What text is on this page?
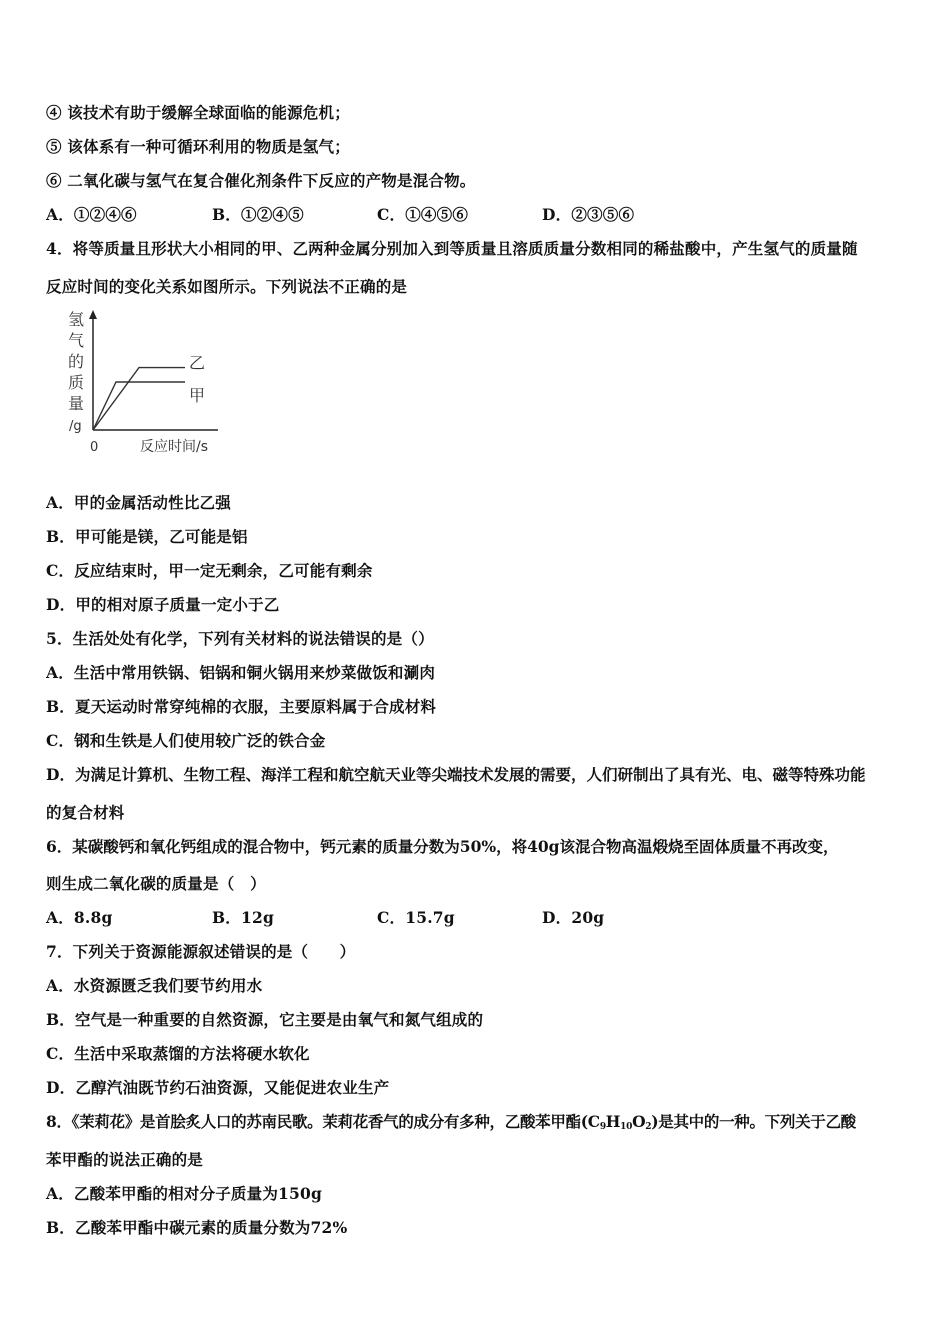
④ 该技术有助于缓解全球面临的能源危机；
⑤ 该体系有一种可循环利用的物质是氢气；
⑥ 二氧化碳与氢气在复合催化剂条件下反应的产物是混合物。
A．①②④⑥	B．①②④⑤	C．①④⑤⑥	D．②③⑤⑥
4．将等质量且形状大小相同的甲、乙两种金属分别加入到等质量且溶质质量分数相同的稀盐酸中，产生氢气的质量随
反应时间的变化关系如图所示。下列说法不正确的是
氢
气
的
质
量
/g
0	反应时间/s
甲
乙
A．甲的金属活动性比乙强
B．甲可能是镁，乙可能是铝
C．反应结束时，甲一定无剩余，乙可能有剩余
D．甲的相对原子质量一定小于乙
5．生活处处有化学，下列有关材料的说法错误的是（）
A．生活中常用铁锅、铝锅和铜火锅用来炒菜做饭和涮肉
B．夏天运动时常穿纯棉的衣服，主要原料属于合成材料
C．钢和生铁是人们使用较广泛的铁合金
D．为满足计算机、生物工程、海洋工程和航空航天业等尖端技术发展的需要，人们研制出了具有光、电、磁等特殊功能
的复合材料
6．某碳酸钙和氧化钙组成的混合物中，钙元素的质量分数为50%，将40g该混合物高温煅烧至固体质量不再改变，
则生成二氧化碳的质量是（　）
A．8.8g	B．12g	C．15.7g	D．20g
7．下列关于资源能源叙述错误的是（　　）
A．水资源匮乏我们要节约用水
B．空气是一种重要的自然资源，它主要是由氧气和氮气组成的
C．生活中采取蒸馏的方法将硬水软化
D．乙醇汽油既节约石油资源，又能促进农业生产
8．《茉莉花》是首脍炙人口的苏南民歌。茉莉花香气的成分有多种，乙酸苯甲酯$(C_9H_{10}O_2)$是其中的一种。下列关于乙酸
苯甲酯的说法正确的是
A．乙酸苯甲酯的相对分子质量为150g
B．乙酸苯甲酯中碳元素的质量分数为72%
